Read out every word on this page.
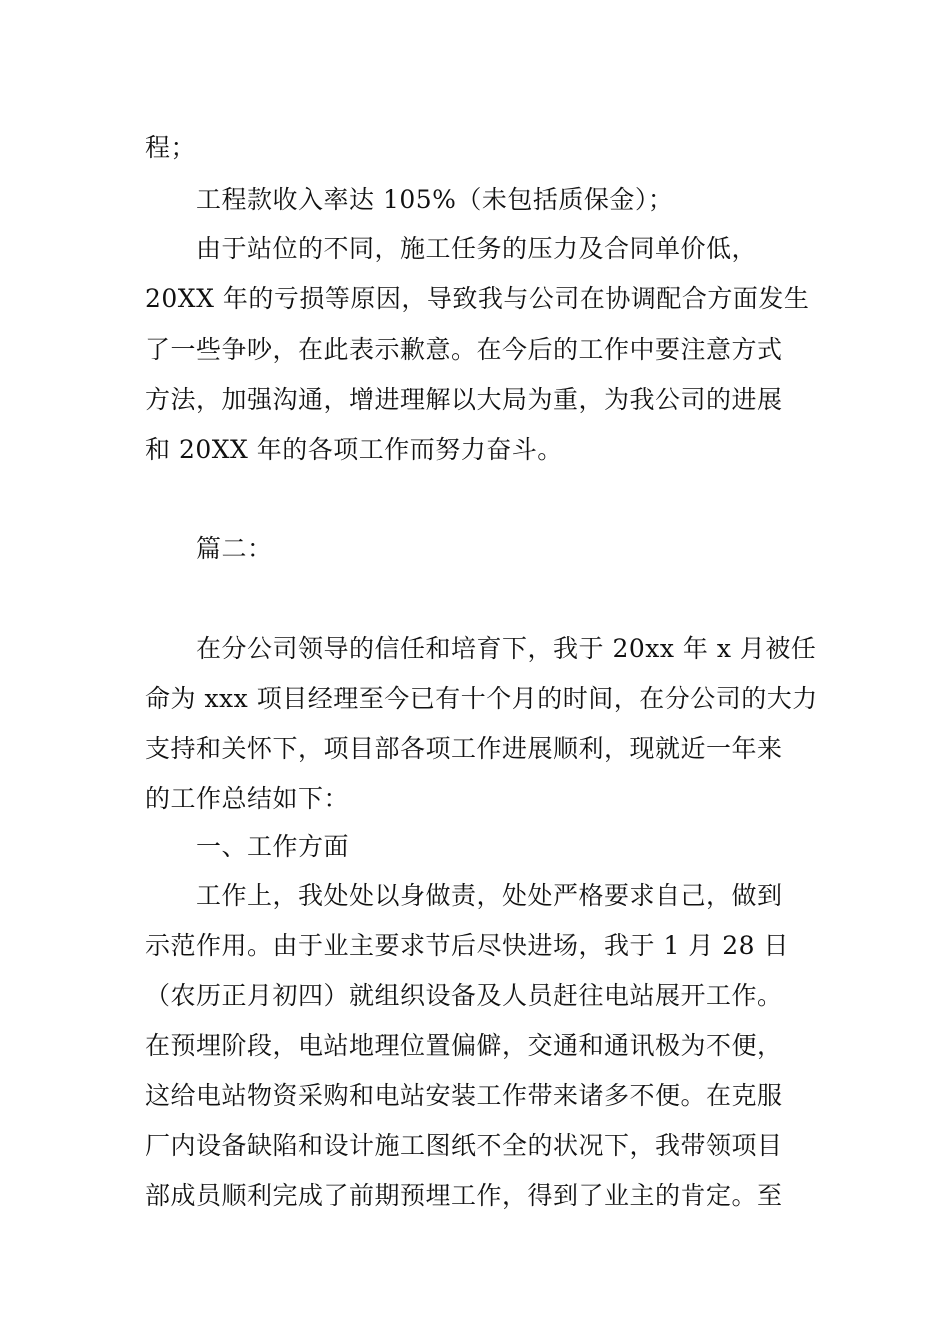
程；
工程款收入率达 105%（未包括质保金）；
由于站位的不同，施工任务的压力及合同单价低，
20XX 年的亏损等原因，导致我与公司在协调配合方面发生
了一些争吵，在此表示歉意。在今后的工作中要注意方式
方法，加强沟通，增进理解以大局为重，为我公司的进展
和 20XX 年的各项工作而努力奋斗。
篇二：
在分公司领导的信任和培育下，我于 20xx 年 x 月被任
命为 xxx 项目经理至今已有十个月的时间，在分公司的大力
支持和关怀下，项目部各项工作进展顺利，现就近一年来
的工作总结如下：
一、工作方面
工作上，我处处以身做责，处处严格要求自己，做到
示范作用。由于业主要求节后尽快进场，我于 1 月 28 日
（农历正月初四）就组织设备及人员赶往电站展开工作。
在预埋阶段，电站地理位置偏僻，交通和通讯极为不便，
这给电站物资采购和电站安装工作带来诸多不便。在克服
厂内设备缺陷和设计施工图纸不全的状况下，我带领项目
部成员顺利完成了前期预埋工作，得到了业主的肯定。至
